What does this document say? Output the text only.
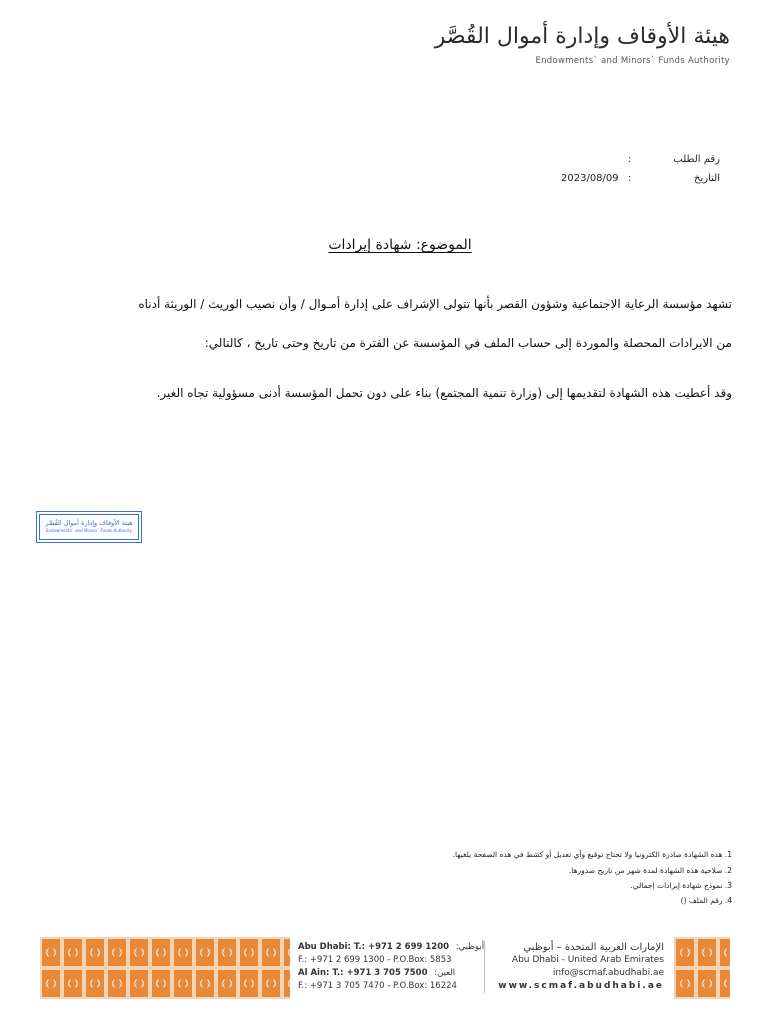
هيئة الأوقاف وإدارة أموال القُصَّر
Endowments` and Minors` Funds Authority
رقم الطلب
:
التاريخ
:
2023/08/09
الموضوع: شهادة إيرادات
تشهد مؤسسة الرعاية الاجتماعية وشؤون القصر بأنها تتولى الإشراف على إدارة أمـوال / وأن نصيب الوريث / الوريثة أدناه
من الايرادات المحصلة والموردة إلى حساب الملف في المؤسسة عن الفترة من تاريخ وحتى تاريخ ، كالتالي:
وقد أعطيت هذه الشهادة لتقديمها إلى (وزارة تنمية المجتمع) بناء على دون تحمل المؤسسة أدنى مسؤولية تجاه الغير.
هيئة الأوقاف وإدارة أموال القُصَّر
Endowments` and Minors` Funds Authority
1. هذه الشهادة صادرة الكترونيا ولا تحتاج توقيع وأي تعديل أو كشط في هذه الصفحة يلغيها.
2. صلاحية هذه الشهادة لمدة شهر من تاريخ صدورها.
3. نموذج شهادة إيرادات إجمالي.
4. رقم الملف ()
Abu Dhabi: T.: +971 2 699 1200 أبوظبي:
F.: +971 2 699 1300 - P.O.Box: 5853
Al Ain: T.: +971 3 705 7500 العين:
F.: +971 3 705 7470 - P.O.Box: 16224
الإمارات العربية المتحدة – أبوظبي
Abu Dhabi - United Arab Emirates
info@scmaf.abudhabi.ae
www.scmaf.abudhabi.ae
